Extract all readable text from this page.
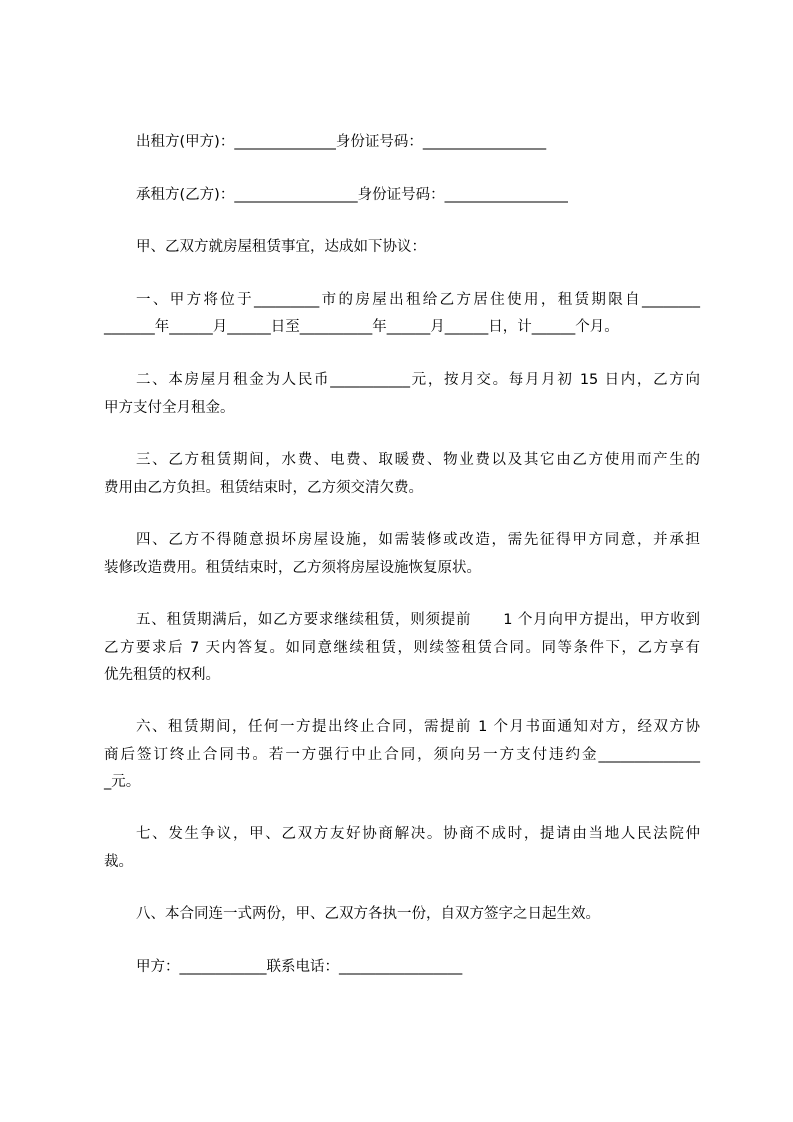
出租方(甲方)：______________身份证号码：_________________

承租方(乙方)：_________________身份证号码：_________________

甲、乙双方就房屋租赁事宜，达成如下协议：

一、甲方将位于_________市的房屋出租给乙方居住使用，租赁期限自________

_______年______月______日至__________年______月______日，计______个月。

二、本房屋月租金为人民币___________元，按月交。每月月初 15 日内，乙方向

甲方支付全月租金。

三、乙方租赁期间，水费、电费、取暖费、物业费以及其它由乙方使用而产生的

费用由乙方负担。租赁结束时，乙方须交清欠费。

四、乙方不得随意损坏房屋设施，如需装修或改造，需先征得甲方同意，并承担

装修改造费用。租赁结束时，乙方须将房屋设施恢复原状。

五、租赁期满后，如乙方要求继续租赁，则须提前      1 个月向甲方提出，甲方收到

乙方要求后 7 天内答复。如同意继续租赁，则续签租赁合同。同等条件下，乙方享有

优先租赁的权利。

六、租赁期间，任何一方提出终止合同，需提前 1 个月书面通知对方，经双方协

商后签订终止合同书。若一方强行中止合同，须向另一方支付违约金______________

_元。

七、发生争议，甲、乙双方友好协商解决。协商不成时，提请由当地人民法院仲

裁。

八、本合同连一式两份，甲、乙双方各执一份，自双方签字之日起生效。

甲方：____________联系电话：_________________
